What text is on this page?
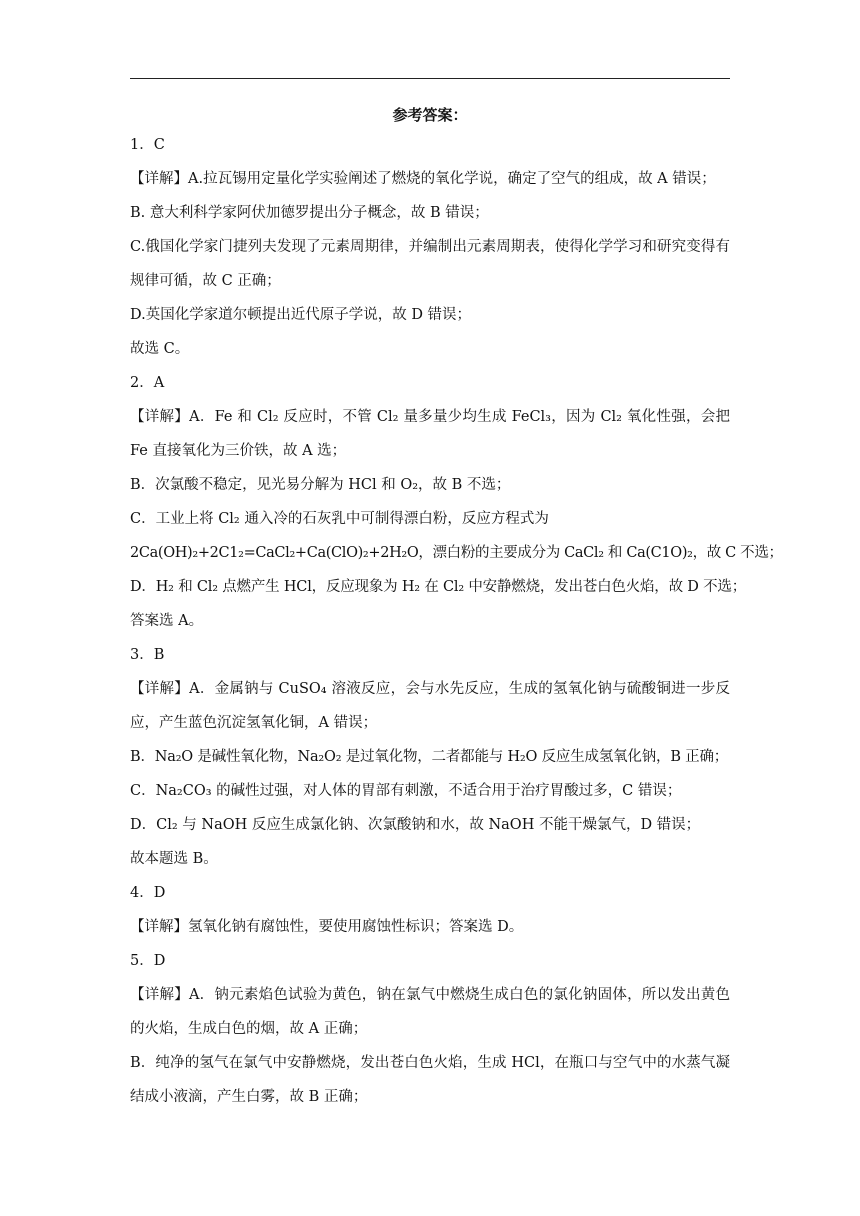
参考答案：

1．C

【详解】A.拉瓦锡用定量化学实验阐述了燃烧的氧化学说，确定了空气的组成，故 A 错误；

B. 意大利科学家阿伏加德罗提出分子概念，故 B 错误；

C.俄国化学家门捷列夫发现了元素周期律，并编制出元素周期表，使得化学学习和研究变得有规律可循，故 C 正确；

D.英国化学家道尔顿提出近代原子学说，故 D 错误；

故选 C。

2．A

【详解】A．Fe 和 Cl₂ 反应时，不管 Cl₂ 量多量少均生成 FeCl₃，因为 Cl₂ 氧化性强，会把 Fe 直接氧化为三价铁，故 A 选；

B．次氯酸不稳定，见光易分解为 HCl 和 O₂，故 B 不选；

C．工业上将 Cl₂ 通入冷的石灰乳中可制得漂白粉，反应方程式为

2Ca(OH)₂+2C1₂=CaCl₂+Ca(ClO)₂+2H₂O，漂白粉的主要成分为 CaCl₂ 和 Ca(C1O)₂，故 C 不选；

D．H₂ 和 Cl₂ 点燃产生 HCl，反应现象为 H₂ 在 Cl₂ 中安静燃烧，发出苍白色火焰，故 D 不选；

答案选 A。

3．B

【详解】A．金属钠与 CuSO₄ 溶液反应，会与水先反应，生成的氢氧化钠与硫酸铜进一步反应，产生蓝色沉淀氢氧化铜，A 错误；

B．Na₂O 是碱性氧化物，Na₂O₂ 是过氧化物，二者都能与 H₂O 反应生成氢氧化钠，B 正确；

C．Na₂CO₃ 的碱性过强，对人体的胃部有刺激，不适合用于治疗胃酸过多，C 错误；

D．Cl₂ 与 NaOH 反应生成氯化钠、次氯酸钠和水，故 NaOH 不能干燥氯气，D 错误；

故本题选 B。

4．D

【详解】氢氧化钠有腐蚀性，要使用腐蚀性标识；答案选 D。

5．D

【详解】A．钠元素焰色试验为黄色，钠在氯气中燃烧生成白色的氯化钠固体，所以发出黄色的火焰，生成白色的烟，故 A 正确；

B．纯净的氢气在氯气中安静燃烧，发出苍白色火焰，生成 HCl，在瓶口与空气中的水蒸气凝结成小液滴，产生白雾，故 B 正确；
